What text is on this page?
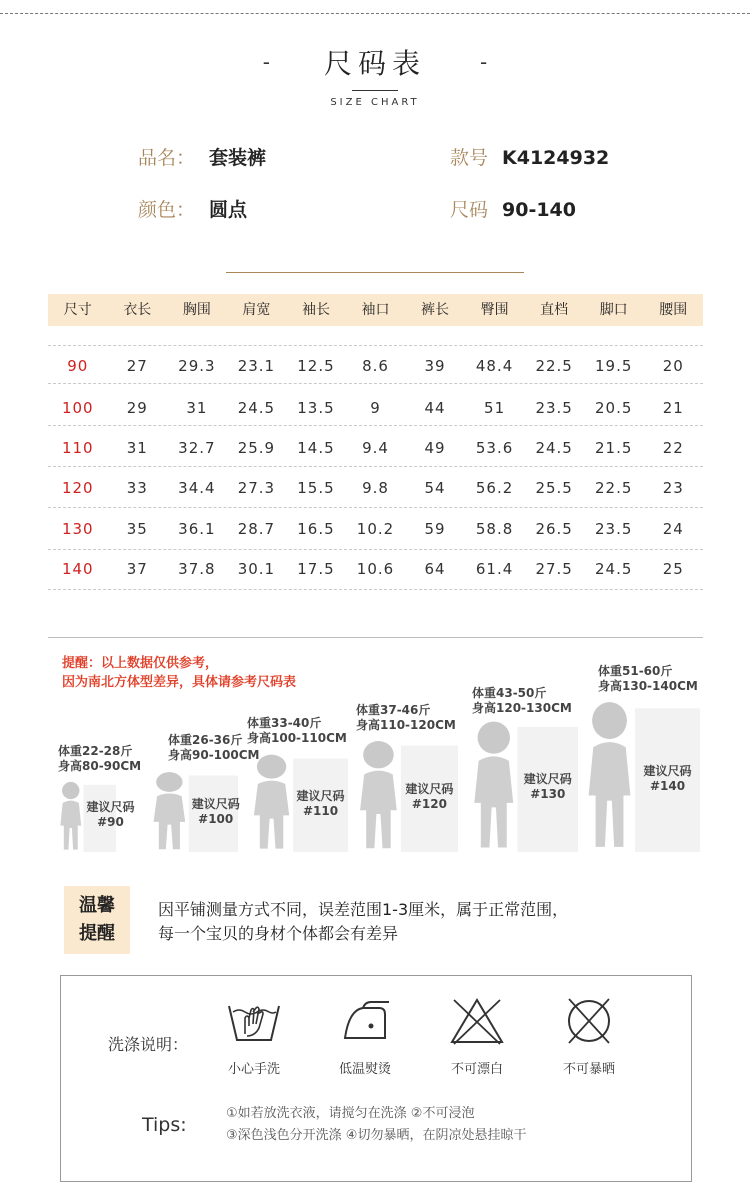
- 尺码表	-
SIZE CHART
品名： 套装裤	款号 K4124932
颜色： 圆点	尺码 90-140
尺寸	衣长	胸围	肩宽	袖长	袖口	裤长	臀围	直档	脚口	腰围
90	27	29.3	23.1	12.5	8.6	39	48.4	22.5	19.5	20
100	29	31	24.5	13.5	9	44	51	23.5	20.5	21
110	31	32.7	25.9	14.5	9.4	49	53.6	24.5	21.5	22
120	33	34.4	27.3	15.5	9.8	54	56.2	25.5	22.5	23
130	35	36.1	28.7	16.5	10.2	59	58.8	26.5	23.5	24
140	37	37.8	30.1	17.5	10.6	64	61.4	27.5	24.5	25
提醒：以上数据仅供参考，
因为南北方体型差异，具体请参考尺码表
体重22-28斤
身高80-90CM
建议尺码
#90
体重26-36斤
身高90-100CM
建议尺码
#100
体重33-40斤
身高100-110CM
建议尺码
#110
体重37-46斤
身高110-120CM
建议尺码
#120
体重43-50斤
身高120-130CM
建议尺码
#130
体重51-60斤
身高130-140CM
建议尺码
#140
温馨
提醒
因平铺测量方式不同，误差范围1-3厘米，属于正常范围，
每一个宝贝的身材个体都会有差异
洗涤说明：
小心手洗	低温熨烫	不可漂白	不可暴晒
Tips:
①如若放洗衣液，请搅匀在洗涤 ②不可浸泡
③深色浅色分开洗涤 ④切勿暴晒，在阴凉处悬挂晾干
